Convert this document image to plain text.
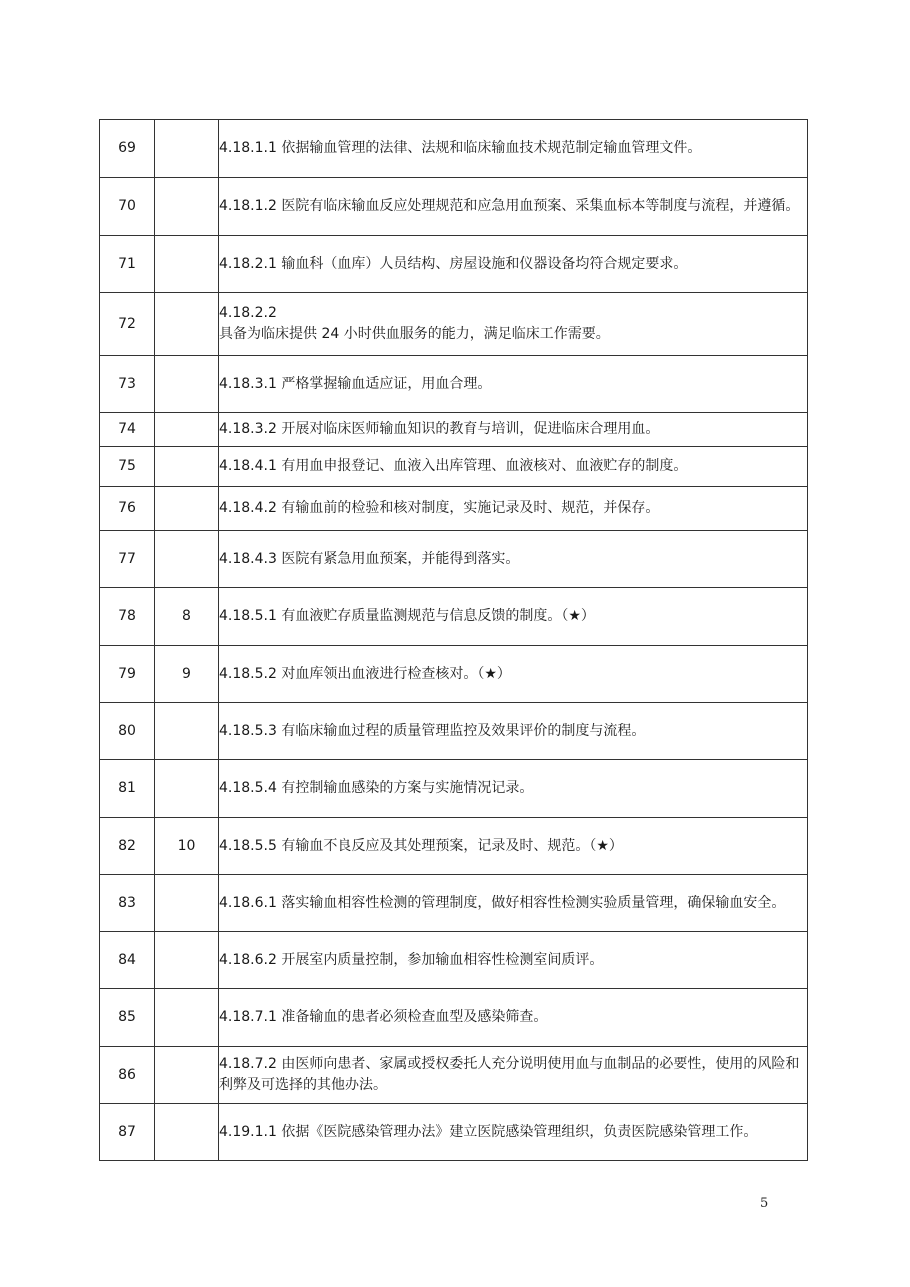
69		4.18.1.1 依据输血管理的法律、法规和临床输血技术规范制定输血管理文件。
70		4.18.1.2 医院有临床输血反应处理规范和应急用血预案、采集血标本等制度与流程，并遵循。
71		4.18.2.1 输血科（血库）人员结构、房屋设施和仪器设备均符合规定要求。
72		4.18.2.2
具备为临床提供 24 小时供血服务的能力，满足临床工作需要。
73		4.18.3.1 严格掌握输血适应证，用血合理。
74		4.18.3.2 开展对临床医师输血知识的教育与培训，促进临床合理用血。
75		4.18.4.1 有用血申报登记、血液入出库管理、血液核对、血液贮存的制度。
76		4.18.4.2 有输血前的检验和核对制度，实施记录及时、规范，并保存。
77		4.18.4.3 医院有紧急用血预案，并能得到落实。
78	8	4.18.5.1 有血液贮存质量监测规范与信息反馈的制度。（★）
79	9	4.18.5.2 对血库领出血液进行检查核对。（★）
80		4.18.5.3 有临床输血过程的质量管理监控及效果评价的制度与流程。
81		4.18.5.4 有控制输血感染的方案与实施情况记录。
82	10	4.18.5.5 有输血不良反应及其处理预案，记录及时、规范。（★）
83		4.18.6.1 落实输血相容性检测的管理制度，做好相容性检测实验质量管理，确保输血安全。
84		4.18.6.2 开展室内质量控制，参加输血相容性检测室间质评。
85		4.18.7.1 准备输血的患者必须检查血型及感染筛查。
86		4.18.7.2 由医师向患者、家属或授权委托人充分说明使用血与血制品的必要性，使用的风险和利弊及可选择的其他办法。
87		4.19.1.1 依据《医院感染管理办法》建立医院感染管理组织，负责医院感染管理工作。
5
